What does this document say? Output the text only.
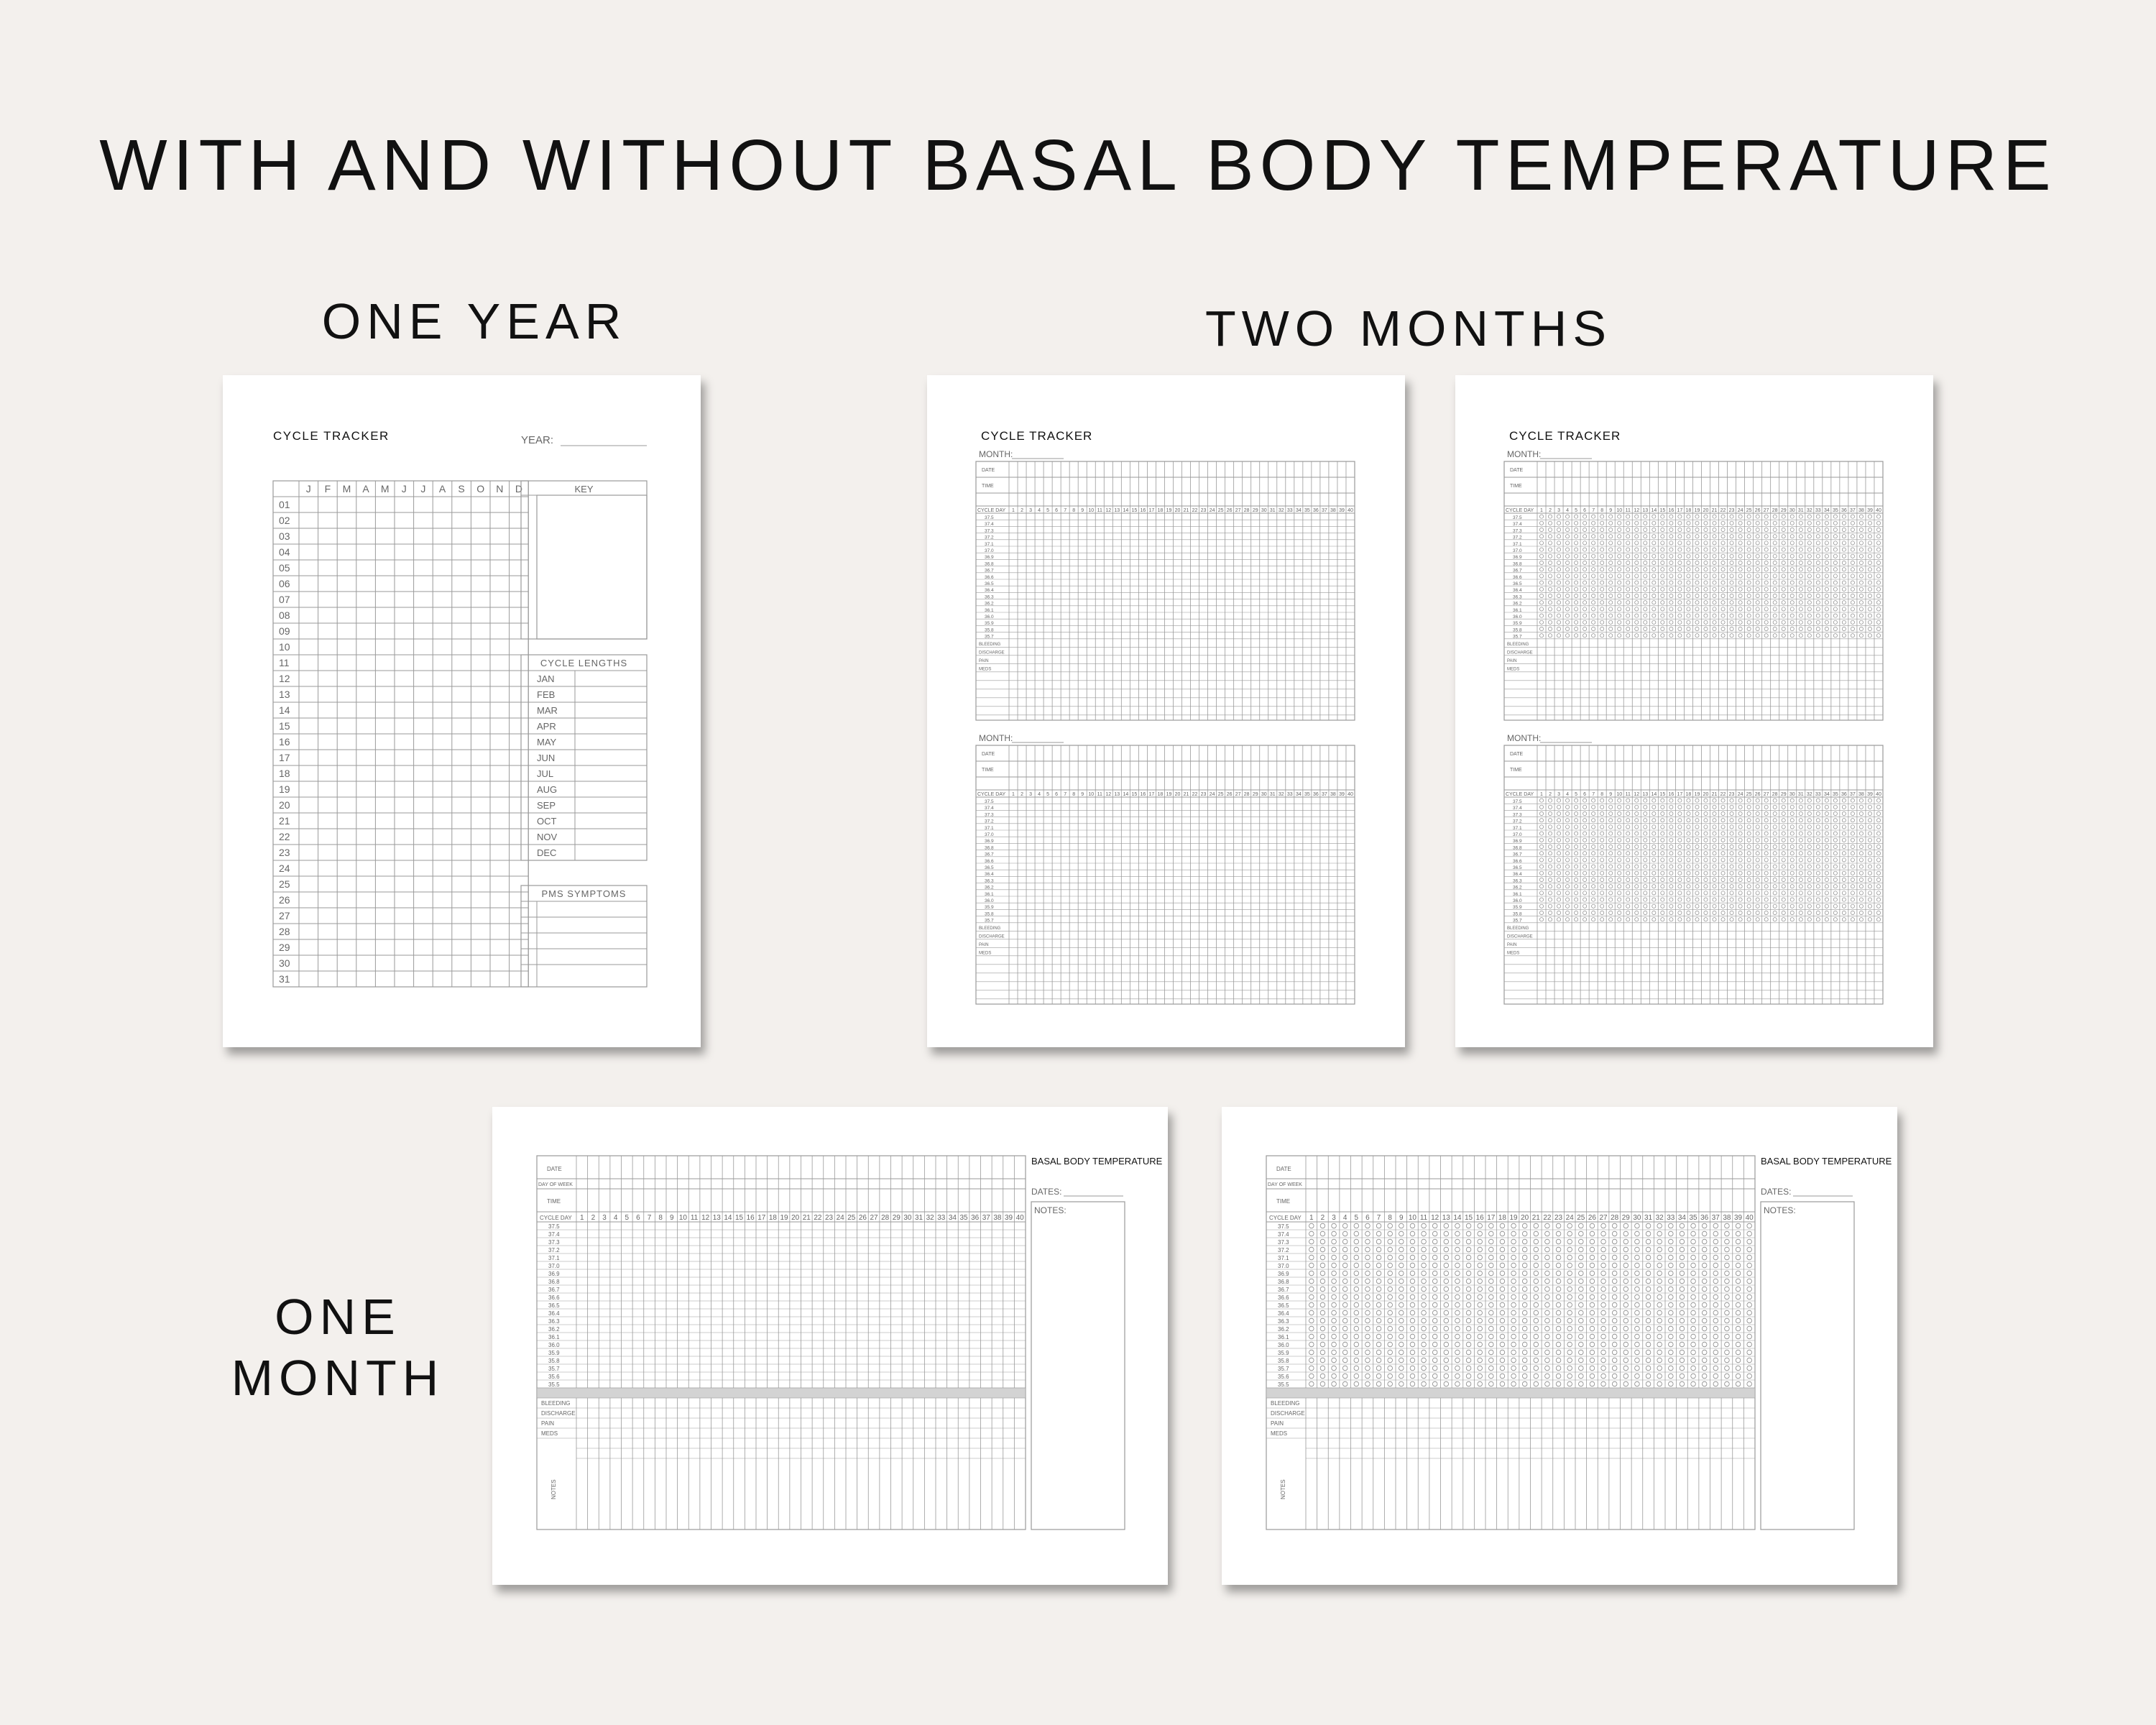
WITH AND WITHOUT BASAL BODY TEMPERATURE
ONE YEAR	TWO MONTHS
ONE
MONTH
CYCLE TRACKER	YEAR:
J F M A M J J A S O N D
01
02
03
04
05
06
07
08
09
10
11
12
13
14
15
16
17
18
19
20
21
22
23
24
25
26
27
28
29
30
31
KEY
CYCLE LENGTHS
JAN
FEB
MAR
APR
MAY
JUN
JUL
AUG
SEP
OCT
NOV
DEC
PMS SYMPTOMS
CYCLE TRACKER
MONTH:
DATE
TIME
CYCLE DAY 1 2 3 4 5 6 7 8 9 10 11 12 13 14 15 16 17 18 19 20 21 22 23 24 25 26 27 28 29 30 31 32 33 34 35 36 37 38 39 40
37.5
37.4
37.3
37.2
37.1
37.0
36.9
36.8
36.7
36.6
36.5
36.4
36.3
36.2
36.1
36.0
35.9
35.8
35.7
BLEEDING
DISCHARGE
PAIN
MEDS
MONTH:
DATE
TIME
CYCLE DAY 1 2 3 4 5 6 7 8 9 10 11 12 13 14 15 16 17 18 19 20 21 22 23 24 25 26 27 28 29 30 31 32 33 34 35 36 37 38 39 40
37.5
37.4
37.3
37.2
37.1
37.0
36.9
36.8
36.7
36.6
36.5
36.4
36.3
36.2
36.1
36.0
35.9
35.8
35.7
BLEEDING
DISCHARGE
PAIN
MEDS
CYCLE TRACKER
MONTH:
DATE
TIME
CYCLE DAY 1 2 3 4 5 6 7 8 9 10 11 12 13 14 15 16 17 18 19 20 21 22 23 24 25 26 27 28 29 30 31 32 33 34 35 36 37 38 39 40
37.5
37.4
37.3
37.2
37.1
37.0
36.9
36.8
36.7
36.6
36.5
36.4
36.3
36.2
36.1
36.0
35.9
35.8
35.7
BLEEDING
DISCHARGE
PAIN
MEDS
MONTH:
DATE
TIME
CYCLE DAY 1 2 3 4 5 6 7 8 9 10 11 12 13 14 15 16 17 18 19 20 21 22 23 24 25 26 27 28 29 30 31 32 33 34 35 36 37 38 39 40
37.5
37.4
37.3
37.2
37.1
37.0
36.9
36.8
36.7
36.6
36.5
36.4
36.3
36.2
36.1
36.0
35.9
35.8
35.7
BLEEDING
DISCHARGE
PAIN
MEDS
DATE
DAY OF WEEK
TIME
CYCLE DAY 1 2 3 4 5 6 7 8 9 10 11 12 13 14 15 16 17 18 19 20 21 22 23 24 25 26 27 28 29 30 31 32 33 34 35 36 37 38 39 40
37.5
37.4
37.3
37.2
37.1
37.0
36.9
36.8
36.7
36.6
36.5
36.4
36.3
36.2
36.1
36.0
35.9
35.8
35.7
35.6
35.5
BLEEDING
DISCHARGE
PAIN
MEDS
NOTES
BASAL BODY TEMPERATURE
DATES:
NOTES:
DATE
DAY OF WEEK
TIME
CYCLE DAY 1 2 3 4 5 6 7 8 9 10 11 12 13 14 15 16 17 18 19 20 21 22 23 24 25 26 27 28 29 30 31 32 33 34 35 36 37 38 39 40
37.5
37.4
37.3
37.2
37.1
37.0
36.9
36.8
36.7
36.6
36.5
36.4
36.3
36.2
36.1
36.0
35.9
35.8
35.7
35.6
35.5
BLEEDING
DISCHARGE
PAIN
MEDS
NOTES
BASAL BODY TEMPERATURE
DATES:
NOTES:
